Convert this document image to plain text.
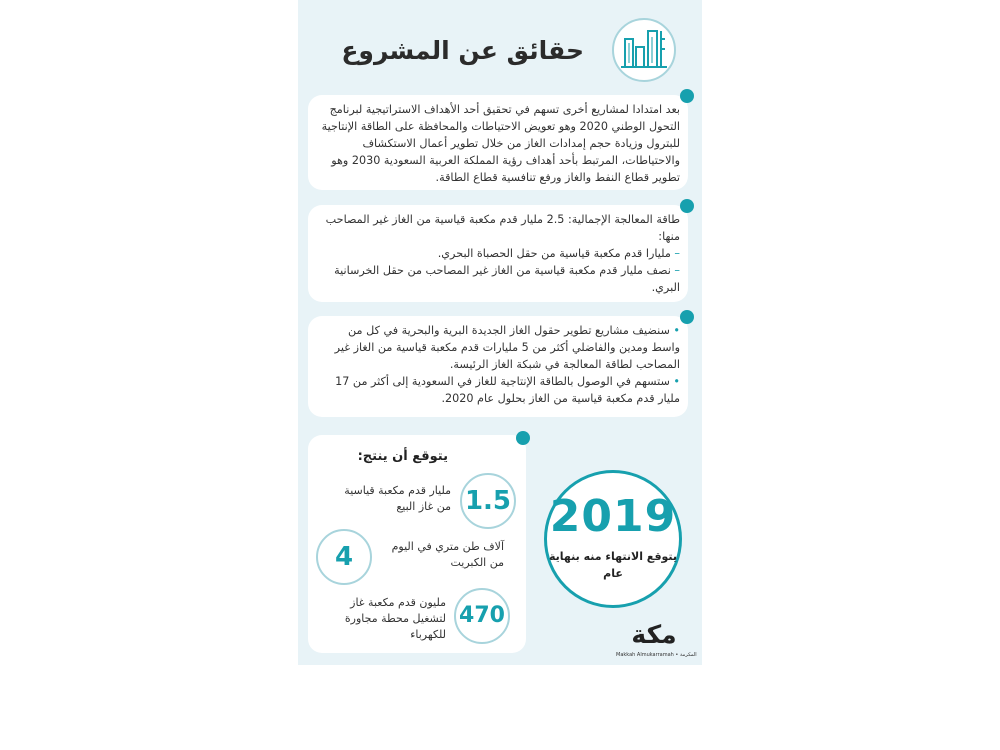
حقائق عن المشروع

بعد امتدادا لمشاريع أخرى تسهم في تحقيق أحد الأهداف الاستراتيجية لبرنامج التحول الوطني 2020 وهو تعويض الاحتياطات والمحافظة على الطاقة الإنتاجية للبترول وزيادة حجم إمدادات الغاز من خلال تطوير أعمال الاستكشاف والاحتياطات، المرتبط بأحد أهداف رؤية المملكة العربية السعودية 2030 وهو تطوير قطاع النفط والغاز ورفع تنافسية قطاع الطاقة.

طاقة المعالجة الإجمالية: 2.5 مليار قدم مكعبة قياسية من الغاز غير المصاحب منها:

– مليارا قدم مكعبة قياسية من حقل الحصباة البحري.

– نصف مليار قدم مكعبة قياسية من الغاز غير المصاحب من حقل الخرسانية البري.

• سنضيف مشاريع تطوير حقول الغاز الجديدة البرية والبحرية في كل من واسط ومدين والفاضلي أكثر من 5 مليارات قدم مكعبة قياسية من الغاز غير المصاحب لطاقة المعالجة في شبكة الغاز الرئيسة.

• ستسهم في الوصول بالطاقة الإنتاجية للغاز في السعودية إلى أكثر من 17 مليار قدم مكعبة قياسية من الغاز بحلول عام 2020.

يتوقع أن ينتج:
1.5
مليار قدم مكعبة قياسية من غاز البيع
4	آلاف طن متري في اليوم من الكبريت
470
مليون قدم مكعبة غاز لتشغيل محطة مجاورة للكهرباء
2019
يتوقع الانتهاء منه بنهاية عام
مكة
Makkah Almukarramah • المكرمة
